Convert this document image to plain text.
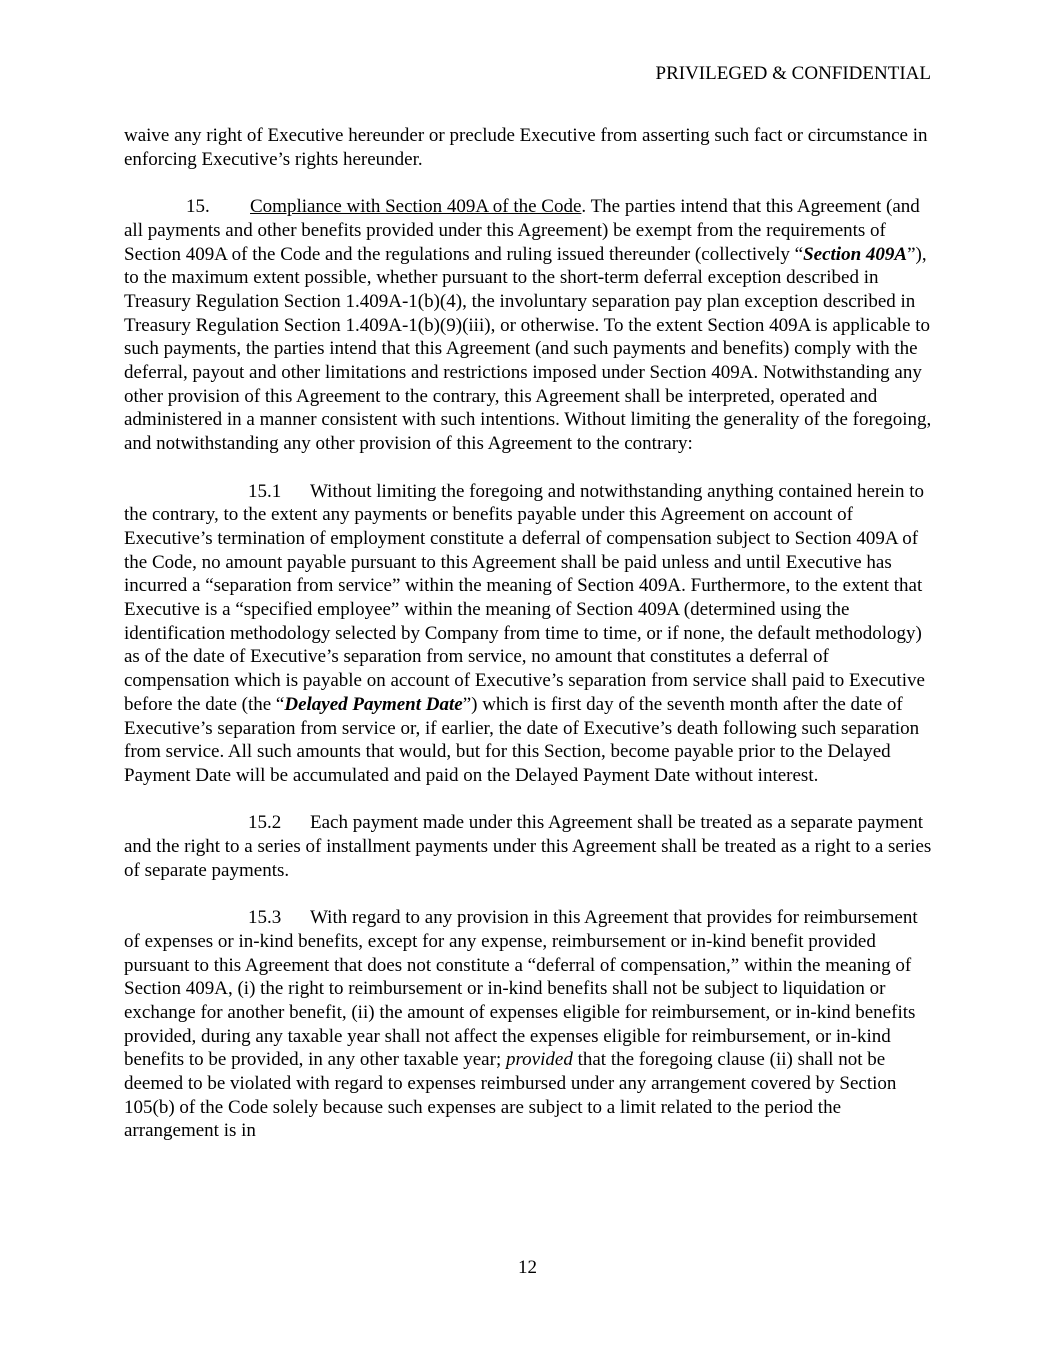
PRIVILEGED & CONFIDENTIAL

waive any right of Executive hereunder or preclude Executive from asserting such fact or circumstance in enforcing Executive’s rights hereunder.

15. Compliance with Section 409A of the Code. The parties intend that this Agreement (and all payments and other benefits provided under this Agreement) be exempt from the requirements of Section 409A of the Code and the regulations and ruling issued thereunder (collectively “Section 409A”), to the maximum extent possible, whether pursuant to the short-term deferral exception described in Treasury Regulation Section 1.409A-1(b)(4), the involuntary separation pay plan exception described in Treasury Regulation Section 1.409A-1(b)(9)(iii), or otherwise. To the extent Section 409A is applicable to such payments, the parties intend that this Agreement (and such payments and benefits) comply with the deferral, payout and other limitations and restrictions imposed under Section 409A. Notwithstanding any other provision of this Agreement to the contrary, this Agreement shall be interpreted, operated and administered in a manner consistent with such intentions. Without limiting the generality of the foregoing, and notwithstanding any other provision of this Agreement to the contrary:

15.1 Without limiting the foregoing and notwithstanding anything contained herein to the contrary, to the extent any payments or benefits payable under this Agreement on account of Executive’s termination of employment constitute a deferral of compensation subject to Section 409A of the Code, no amount payable pursuant to this Agreement shall be paid unless and until Executive has incurred a “separation from service” within the meaning of Section 409A. Furthermore, to the extent that Executive is a “specified employee” within the meaning of Section 409A (determined using the identification methodology selected by Company from time to time, or if none, the default methodology) as of the date of Executive’s separation from service, no amount that constitutes a deferral of compensation which is payable on account of Executive’s separation from service shall paid to Executive before the date (the “Delayed Payment Date”) which is first day of the seventh month after the date of Executive’s separation from service or, if earlier, the date of Executive’s death following such separation from service. All such amounts that would, but for this Section, become payable prior to the Delayed Payment Date will be accumulated and paid on the Delayed Payment Date without interest.

15.2 Each payment made under this Agreement shall be treated as a separate payment and the right to a series of installment payments under this Agreement shall be treated as a right to a series of separate payments.

15.3 With regard to any provision in this Agreement that provides for reimbursement of expenses or in-kind benefits, except for any expense, reimbursement or in-kind benefit provided pursuant to this Agreement that does not constitute a “deferral of compensation,” within the meaning of Section 409A, (i) the right to reimbursement or in-kind benefits shall not be subject to liquidation or exchange for another benefit, (ii) the amount of expenses eligible for reimbursement, or in-kind benefits provided, during any taxable year shall not affect the expenses eligible for reimbursement, or in-kind benefits to be provided, in any other taxable year; provided that the foregoing clause (ii) shall not be deemed to be violated with regard to expenses reimbursed under any arrangement covered by Section 105(b) of the Code solely because such expenses are subject to a limit related to the period the arrangement is in

12
